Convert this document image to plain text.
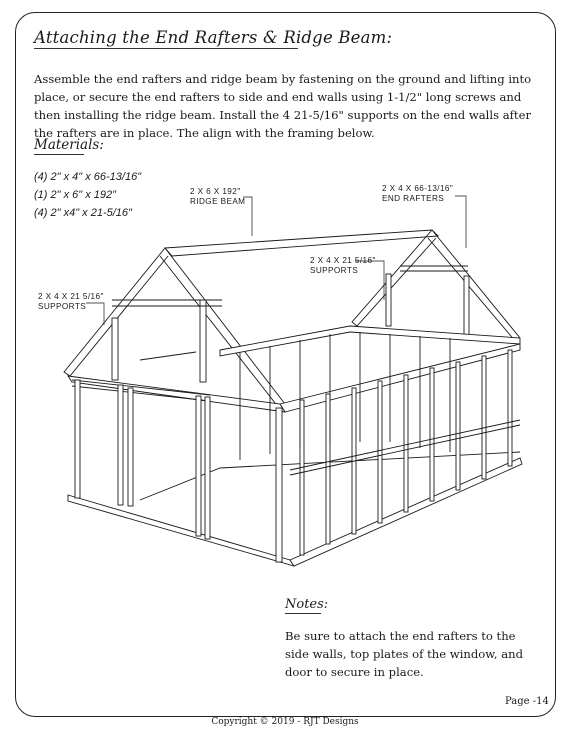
Attaching the End Rafters & Ridge Beam:
Assemble the end rafters and ridge beam by fastening on the ground and lifting into place, or secure the end rafters to side and end walls using 1-1/2" long screws and then installing the ridge beam. Install the 4 21-5/16" supports on the end walls after the rafters are in place. The align with the framing below.
Materials:
(4) 2" x 4" x 66-13/16"
(1) 2" x 6" x 192"
(4) 2" x4" x 21-5/16"
2 X 6 X 192"
RIDGE BEAM
2 X 4 X 66-13/16"
END RAFTERS
2 X 4 X 21 5/16"
SUPPORTS
2 X 4 X 21 5/16"
SUPPORTS
Notes:
Be sure to attach the end rafters to the side walls, top plates of the window, and door to secure in place.
Page -14
Copyright © 2019 - RJT Designs
